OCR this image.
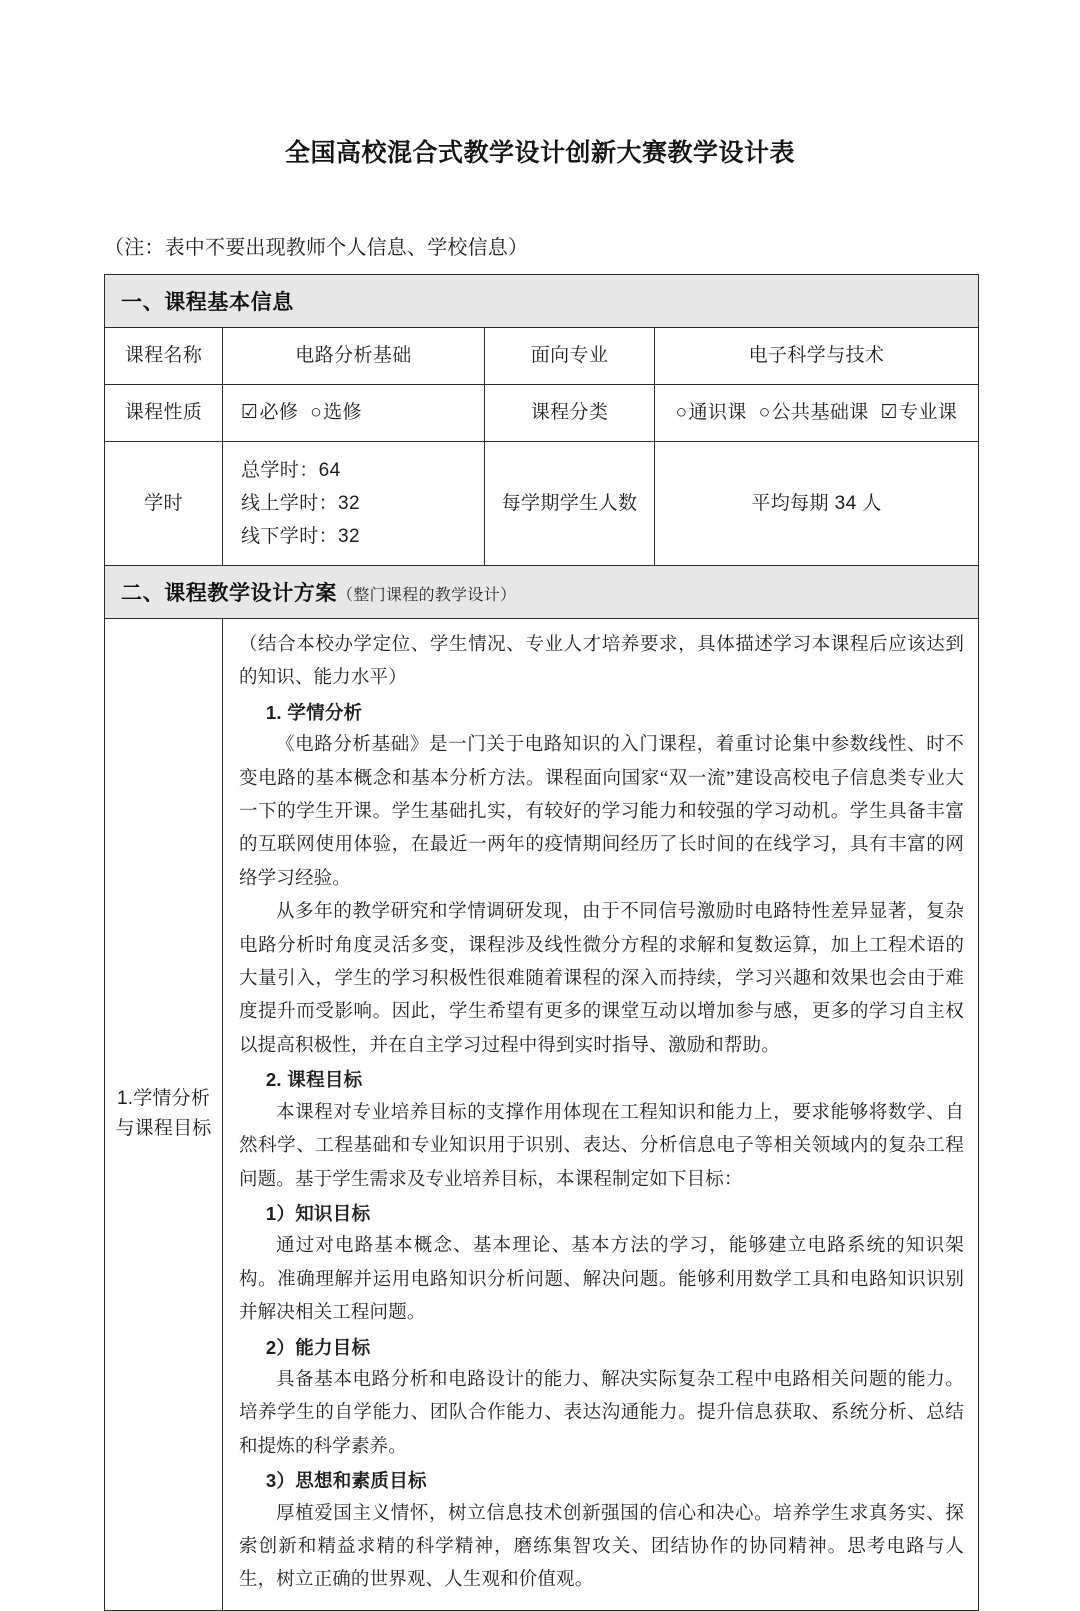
全国高校混合式教学设计创新大赛教学设计表

（注：表中不要出现教师个人信息、学校信息）

一、课程基本信息			
课程名称	电路分析基础	面向专业	电子科学与技术
课程性质	☑必修 ○选修	课程分类	○通识课 ○公共基础课 ☑专业课
学时	总学时：64
线上学时：32
线下学时：32	每学期学生人数	平均每期 34 人
二、课程教学设计方案（整门课程的教学设计）			

1.学情分析
与课程目标

（结合本校办学定位、学生情况、专业人才培养要求，具体描述学习本课程后应该达到的知识、能力水平）

1. 学情分析

《电路分析基础》是一门关于电路知识的入门课程，着重讨论集中参数线性、时不变电路的基本概念和基本分析方法。课程面向国家“双一流”建设高校电子信息类专业大一下的学生开课。学生基础扎实，有较好的学习能力和较强的学习动机。学生具备丰富的互联网使用体验，在最近一两年的疫情期间经历了长时间的在线学习，具有丰富的网络学习经验。

从多年的教学研究和学情调研发现，由于不同信号激励时电路特性差异显著，复杂电路分析时角度灵活多变，课程涉及线性微分方程的求解和复数运算，加上工程术语的大量引入，学生的学习积极性很难随着课程的深入而持续，学习兴趣和效果也会由于难度提升而受影响。因此，学生希望有更多的课堂互动以增加参与感，更多的学习自主权以提高积极性，并在自主学习过程中得到实时指导、激励和帮助。

2. 课程目标

本课程对专业培养目标的支撑作用体现在工程知识和能力上，要求能够将数学、自然科学、工程基础和专业知识用于识别、表达、分析信息电子等相关领域内的复杂工程问题。基于学生需求及专业培养目标，本课程制定如下目标：

1）知识目标

通过对电路基本概念、基本理论、基本方法的学习，能够建立电路系统的知识架构。准确理解并运用电路知识分析问题、解决问题。能够利用数学工具和电路知识识别并解决相关工程问题。

2）能力目标

具备基本电路分析和电路设计的能力、解决实际复杂工程中电路相关问题的能力。培养学生的自学能力、团队合作能力、表达沟通能力。提升信息获取、系统分析、总结和提炼的科学素养。

3）思想和素质目标

厚植爱国主义情怀，树立信息技术创新强国的信心和决心。培养学生求真务实、探索创新和精益求精的科学精神，磨练集智攻关、团结协作的协同精神。思考电路与人生，树立正确的世界观、人生观和价值观。
